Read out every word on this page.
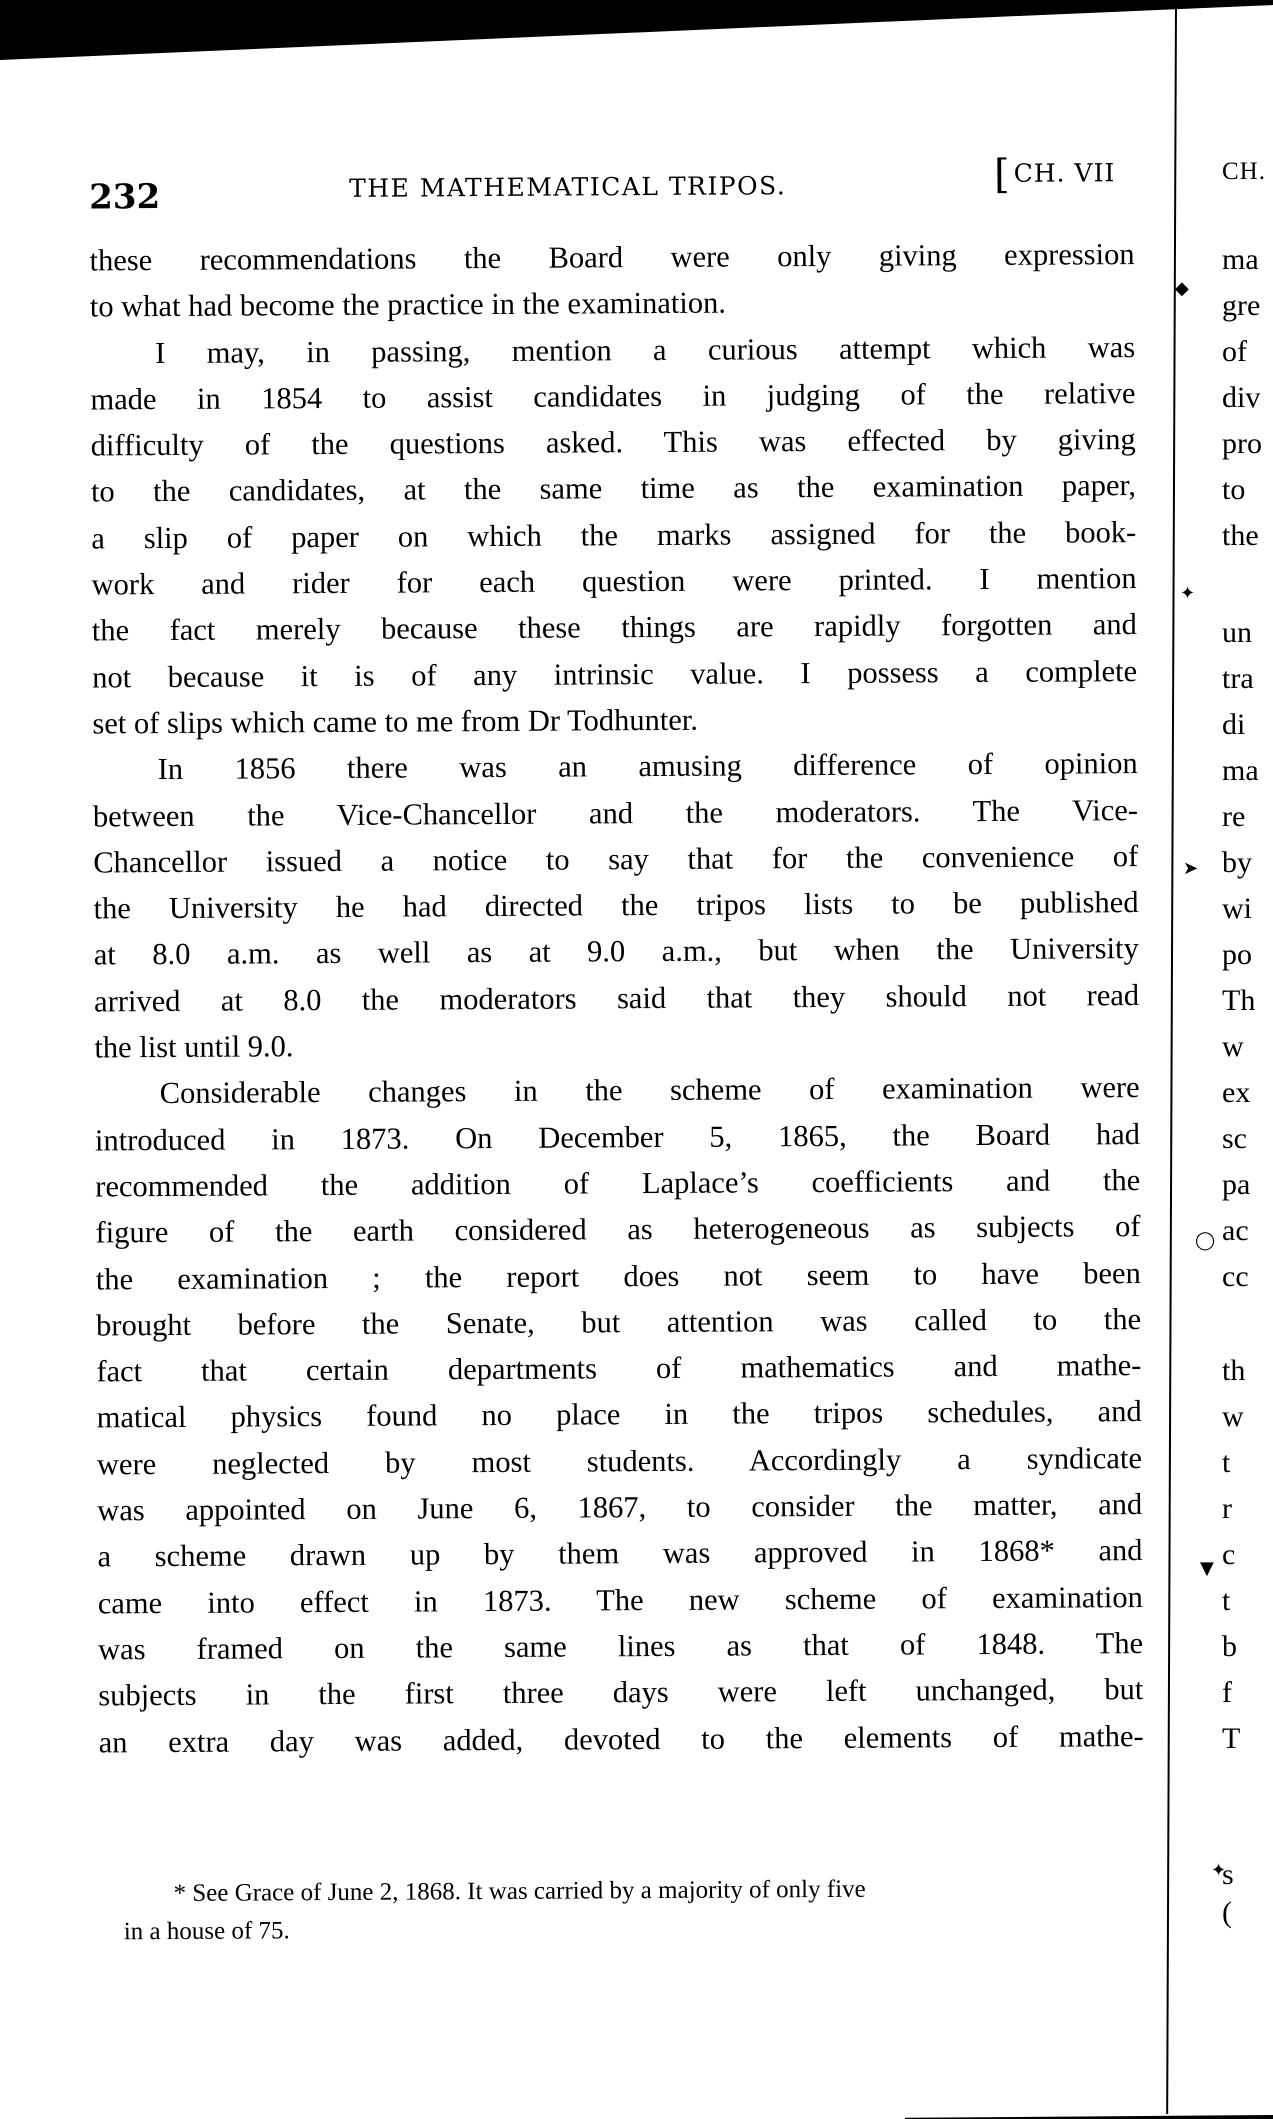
◆
✦
➤
◯
▼
✦
232	THE MATHEMATICAL TRIPOS.	[ CH. VII
these recommendations the Board were only giving expression
to what had become the practice in the examination.
I may, in passing, mention a curious attempt which was
made in 1854 to assist candidates in judging of the relative
difficulty of the questions asked. This was effected by giving
to the candidates, at the same time as the examination paper,
a slip of paper on which the marks assigned for the book-
work and rider for each question were printed. I mention
the fact merely because these things are rapidly forgotten and
not because it is of any intrinsic value. I possess a complete
set of slips which came to me from Dr Todhunter.
In 1856 there was an amusing difference of opinion
between the Vice-Chancellor and the moderators. The Vice-
Chancellor issued a notice to say that for the convenience of
the University he had directed the tripos lists to be published
at 8.0 a.m. as well as at 9.0 a.m., but when the University
arrived at 8.0 the moderators said that they should not read
the list until 9.0.
Considerable changes in the scheme of examination were
introduced in 1873. On December 5, 1865, the Board had
recommended the addition of Laplace’s coefficients and the
figure of the earth considered as heterogeneous as subjects of
the examination ; the report does not seem to have been
brought before the Senate, but attention was called to the
fact that certain departments of mathematics and mathe-
matical physics found no place in the tripos schedules, and
were neglected by most students. Accordingly a syndicate
was appointed on June 6, 1867, to consider the matter, and
a scheme drawn up by them was approved in 1868* and
came into effect in 1873. The new scheme of examination
was framed on the same lines as that of 1848. The
subjects in the first three days were left unchanged, but
an extra day was added, devoted to the elements of mathe-
* See Grace of June 2, 1868. It was carried by a majority of only five
in a house of 75.
CH.
ma
gre
of
div
pro
to
the
un
tra
di
ma
re
by
wi
po
Th
w
ex
sc
pa
ac
cc
th
w
t
r
c
t
b
f
T
s
(
